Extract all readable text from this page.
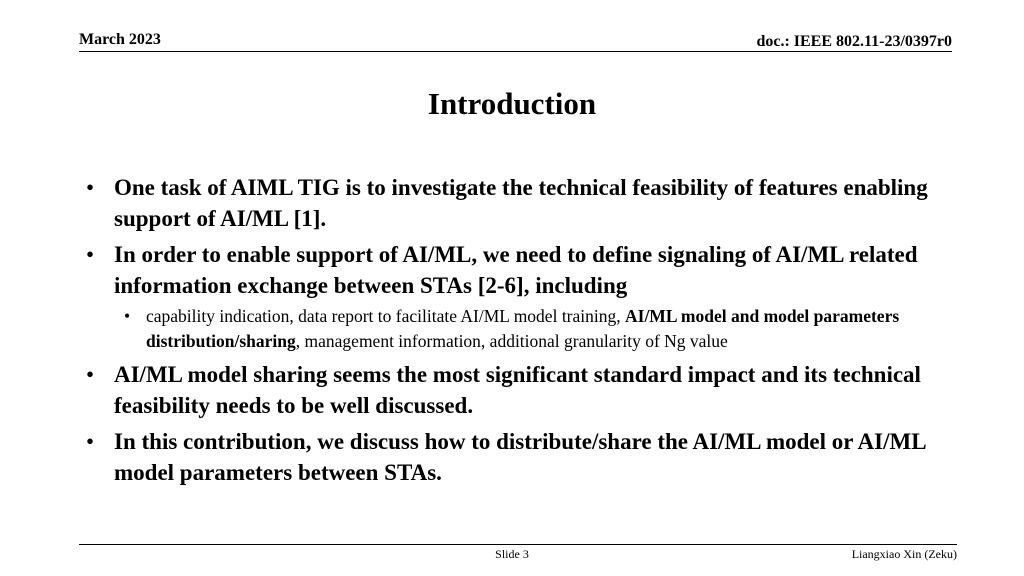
March 2023	doc.: IEEE 802.11-23/0397r0
Introduction
• One task of AIML TIG is to investigate the technical feasibility of features enabling support of AI/ML [1].
• In order to enable support of AI/ML, we need to define signaling of AI/ML related information exchange between STAs [2-6], including
• capability indication, data report to facilitate AI/ML model training, AI/ML model and model parameters distribution/sharing, management information, additional granularity of Ng value
• AI/ML model sharing seems the most significant standard impact and its technical feasibility needs to be well discussed.
• In this contribution, we discuss how to distribute/share the AI/ML model or AI/ML model parameters between STAs.
Slide 3	Liangxiao Xin (Zeku)
